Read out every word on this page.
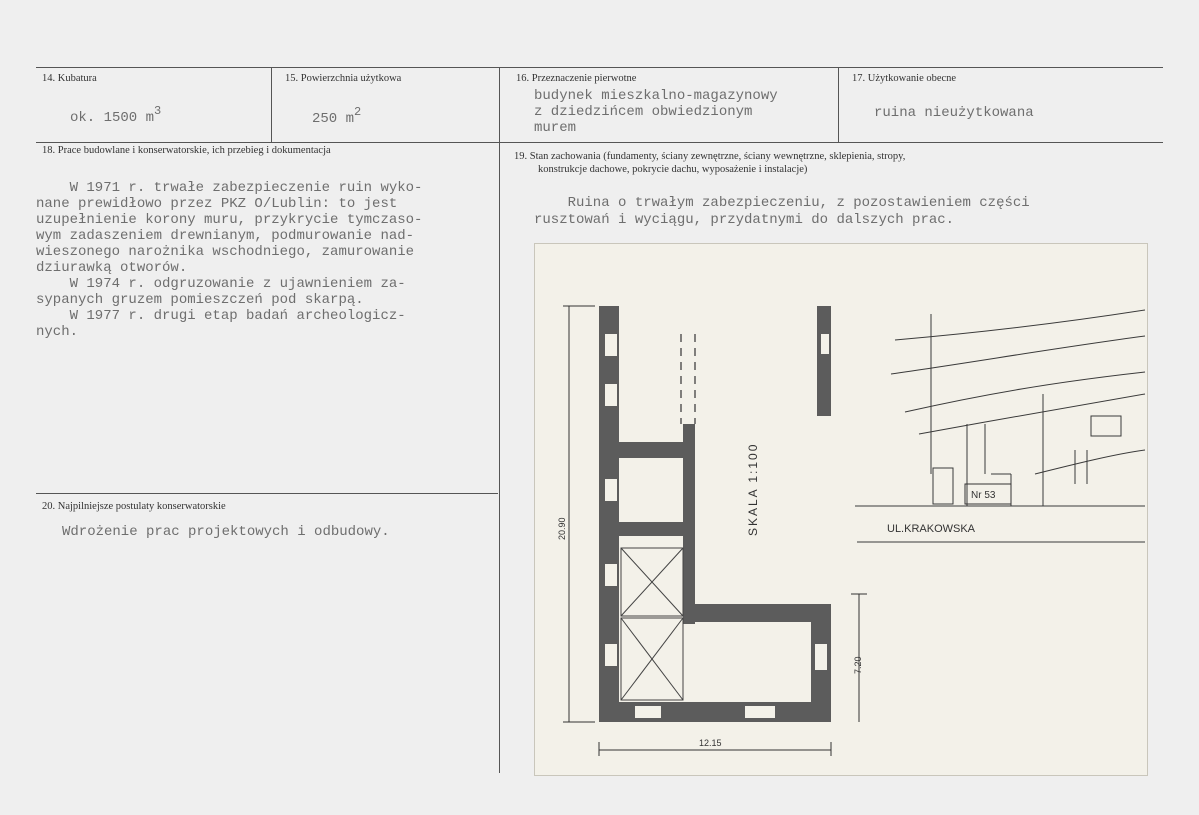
14. Kubatura
ok. 1500 m3
15. Powierzchnia użytkowa
250 m2
16. Przeznaczenie pierwotne
budynek mieszkalno-magazynowy
z dziedzińcem obwiedzionym
murem
17. Użytkowanie obecne
ruina nieużytkowana
18. Prace budowlane i konserwatorskie, ich przebieg i dokumentacja
W 1971 r. trwałe zabezpieczenie ruin wyko-
nane prewidłowo przez PKZ O/Lublin: to jest
uzupełnienie korony muru, przykrycie tymczaso-
wym zadaszeniem drewnianym, podmurowanie nad-
wieszonego narożnika wschodniego, zamurowanie
dziurawką otworów.
W 1974 r. odgruzowanie z ujawnieniem za-
sypanych gruzem pomieszczeń pod skarpą.
W 1977 r. drugi etap badań archeologicz-
nych.
19. Stan zachowania (fundamenty, ściany zewnętrzne, ściany wewnętrzne, sklepienia, stropy,
konstrukcje dachowe, pokrycie dachu, wyposażenie i instalacje)
Ruina o trwałym zabezpieczeniu, z pozostawieniem części
rusztowań i wyciągu, przydatnymi do dalszych prac.
20. Najpilniejsze postulaty konserwatorskie
Wdrożenie prac projektowych i odbudowy.
Nr 53
UL.KRAKOWSKA
SKALA 1:100
20.90
12.15
7.20
